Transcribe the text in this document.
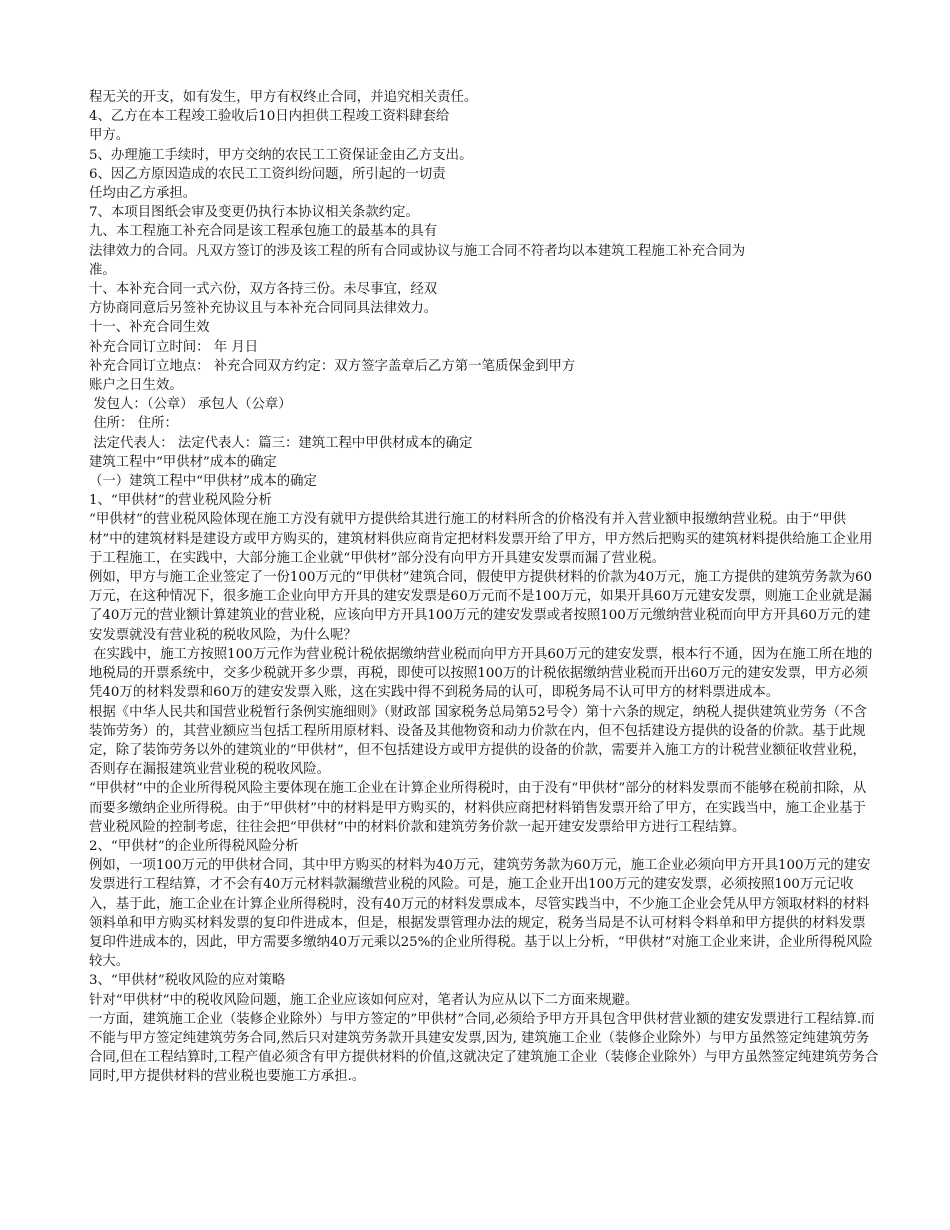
程无关的开支，如有发生，甲方有权终止合同，并追究相关责任。
4、乙方在本工程竣工验收后10日内担供工程竣工资料肆套给
甲方。
5、办理施工手续时，甲方交纳的农民工工资保证金由乙方支出。
6、因乙方原因造成的农民工工资纠纷问题，所引起的一切责
任均由乙方承担。
7、本项目图纸会审及变更仍执行本协议相关条款约定。
九、本工程施工补充合同是该工程承包施工的最基本的具有
法律效力的合同。凡双方签订的涉及该工程的所有合同或协议与施工合同不符者均以本建筑工程施工补充合同为
准。
十、本补充合同一式六份，双方各持三份。未尽事宜，经双
方协商同意后另签补充协议且与本补充合同同具法律效力。
十一、补充合同生效
补充合同订立时间： 年 月日
补充合同订立地点： 补充合同双方约定：双方签字盖章后乙方第一笔质保金到甲方
账户之日生效。
发包人：（公章） 承包人（公章）
住所： 住所：
法定代表人： 法定代表人：篇三：建筑工程中甲供材成本的确定
建筑工程中“甲供材”成本的确定
（一）建筑工程中“甲供材”成本的确定
1、“甲供材”的营业税风险分析
“甲供材”的营业税风险体现在施工方没有就甲方提供给其进行施工的材料所含的价格没有并入营业额申报缴纳营业税。由于“甲供材”中的建筑材料是建设方或甲方购买的，建筑材料供应商肯定把材料发票开给了甲方，甲方然后把购买的建筑材料提供给施工企业用于工程施工，在实践中，大部分施工企业就“甲供材”部分没有向甲方开具建安发票而漏了营业税。
例如，甲方与施工企业签定了一份100万元的“甲供材”建筑合同，假使甲方提供材料的价款为40万元，施工方提供的建筑劳务款为60万元，在这种情况下，很多施工企业向甲方开具的建安发票是60万元而不是100万元，如果开具60万元建安发票，则施工企业就是漏了40万元的营业额计算建筑业的营业税，应该向甲方开具100万元的建安发票或者按照100万元缴纳营业税而向甲方开具60万元的建安发票就没有营业税的税收风险，为什么呢？
在实践中，施工方按照100万元作为营业税计税依据缴纳营业税而向甲方开具60万元的建安发票，根本行不通，因为在施工所在地的地税局的开票系统中，交多少税就开多少票，再税，即使可以按照100万的计税依据缴纳营业税而开出60万元的建安发票，甲方必须凭40万的材料发票和60万的建安发票入账，这在实践中得不到税务局的认可，即税务局不认可甲方的材料票进成本。
根据《中华人民共和国营业税暂行条例实施细则》（财政部 国家税务总局第52号令）第十六条的规定，纳税人提供建筑业劳务（不含装饰劳务）的，其营业额应当包括工程所用原材料、设备及其他物资和动力价款在内，但不包括建设方提供的设备的价款。基于此规定，除了装饰劳务以外的建筑业的“甲供材”，但不包括建设方或甲方提供的设备的价款，需要并入施工方的计税营业额征收营业税，否则存在漏报建筑业营业税的税收风险。
“甲供材”中的企业所得税风险主要体现在施工企业在计算企业所得税时，由于没有“甲供材”部分的材料发票而不能够在税前扣除，从而要多缴纳企业所得税。由于“甲供材”中的材料是甲方购买的，材料供应商把材料销售发票开给了甲方，在实践当中，施工企业基于营业税风险的控制考虑，往往会把“甲供材”中的材料价款和建筑劳务价款一起开建安发票给甲方进行工程结算。
2、“甲供材”的企业所得税风险分析
例如，一项100万元的甲供材合同，其中甲方购买的材料为40万元，建筑劳务款为60万元，施工企业必须向甲方开具100万元的建安发票进行工程结算，才不会有40万元材料款漏缴营业税的风险。可是，施工企业开出100万元的建安发票，必须按照100万元记收入，基于此，施工企业在计算企业所得税时，没有40万元的材料发票成本，尽管实践当中，不少施工企业会凭从甲方领取材料的材料领料单和甲方购买材料发票的复印件进成本，但是，根据发票管理办法的规定，税务当局是不认可材料令料单和甲方提供的材料发票复印件进成本的，因此，甲方需要多缴纳40万元乘以25%的企业所得税。基于以上分析，“甲供材”对施工企业来讲，企业所得税风险较大。
3、“甲供材”税收风险的应对策略
针对“甲供材”中的税收风险问题，施工企业应该如何应对，笔者认为应从以下二方面来规避。
一方面，建筑施工企业（装修企业除外）与甲方签定的”甲供材”合同,必须给予甲方开具包含甲供材营业额的建安发票进行工程结算.而不能与甲方签定纯建筑劳务合同,然后只对建筑劳务款开具建安发票,因为, 建筑施工企业（装修企业除外）与甲方虽然签定纯建筑劳务合同,但在工程结算时,工程产值必须含有甲方提供材料的价值,这就决定了建筑施工企业（装修企业除外）与甲方虽然签定纯建筑劳务合同时,甲方提供材料的营业税也要施工方承担.。
